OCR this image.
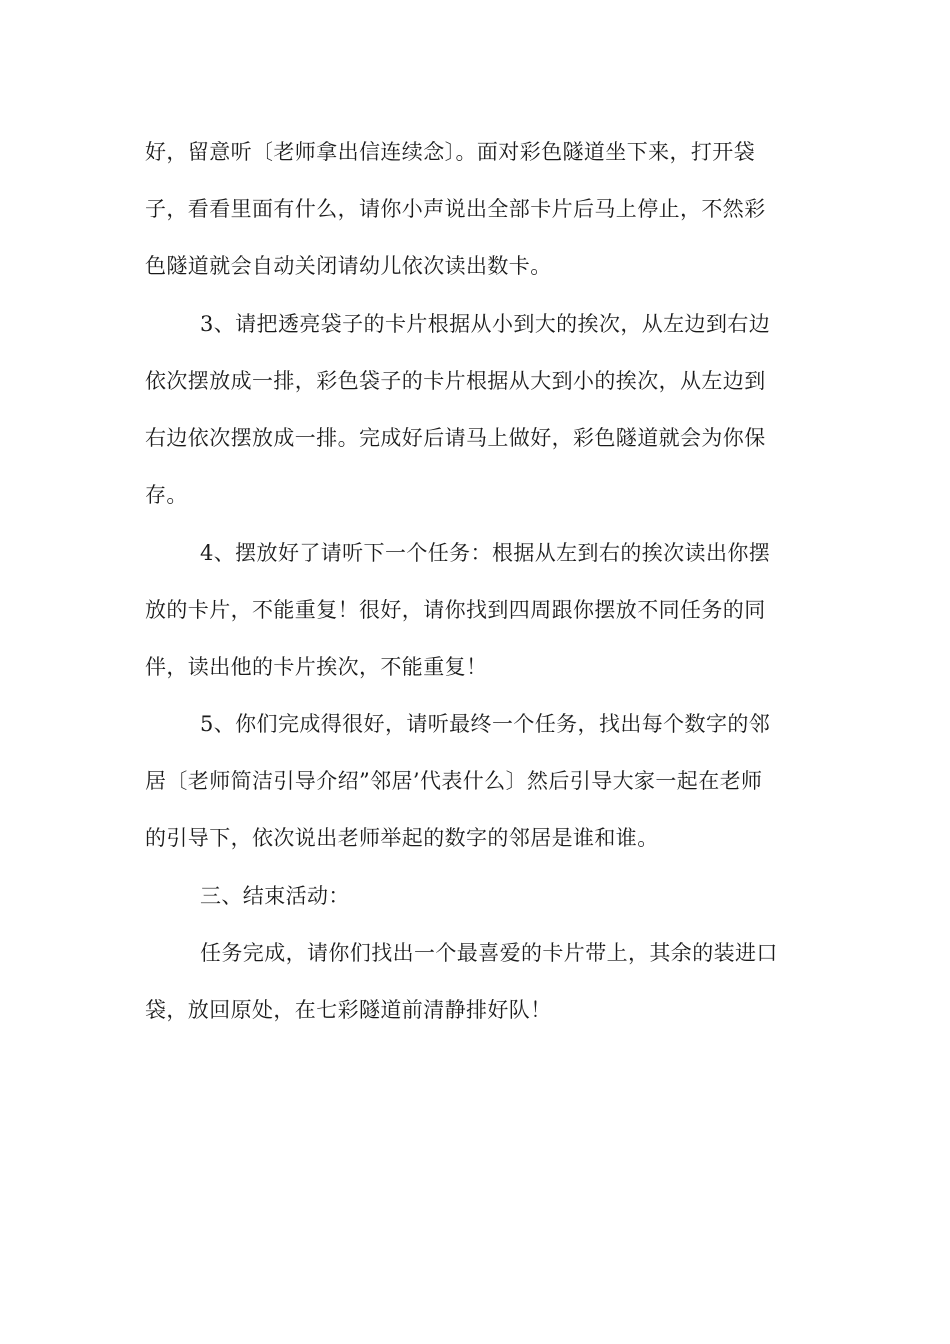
好，留意听〔老师拿出信连续念〕。面对彩色隧道坐下来，打开袋
子，看看里面有什么，请你小声说出全部卡片后马上停止，不然彩
色隧道就会自动关闭请幼儿依次读出数卡。
3、请把透亮袋子的卡片根据从小到大的挨次，从左边到右边
依次摆放成一排，彩色袋子的卡片根据从大到小的挨次，从左边到
右边依次摆放成一排。完成好后请马上做好，彩色隧道就会为你保
存。
4、摆放好了请听下一个任务：根据从左到右的挨次读出你摆
放的卡片，不能重复！很好，请你找到四周跟你摆放不同任务的同
伴，读出他的卡片挨次，不能重复！
5、你们完成得很好，请听最终一个任务，找出每个数字的邻
居〔老师简洁引导介绍”邻居’代表什么〕然后引导大家一起在老师
的引导下，依次说出老师举起的数字的邻居是谁和谁。
三、结束活动：
任务完成，请你们找出一个最喜爱的卡片带上，其余的装进口
袋，放回原处，在七彩隧道前清静排好队！
